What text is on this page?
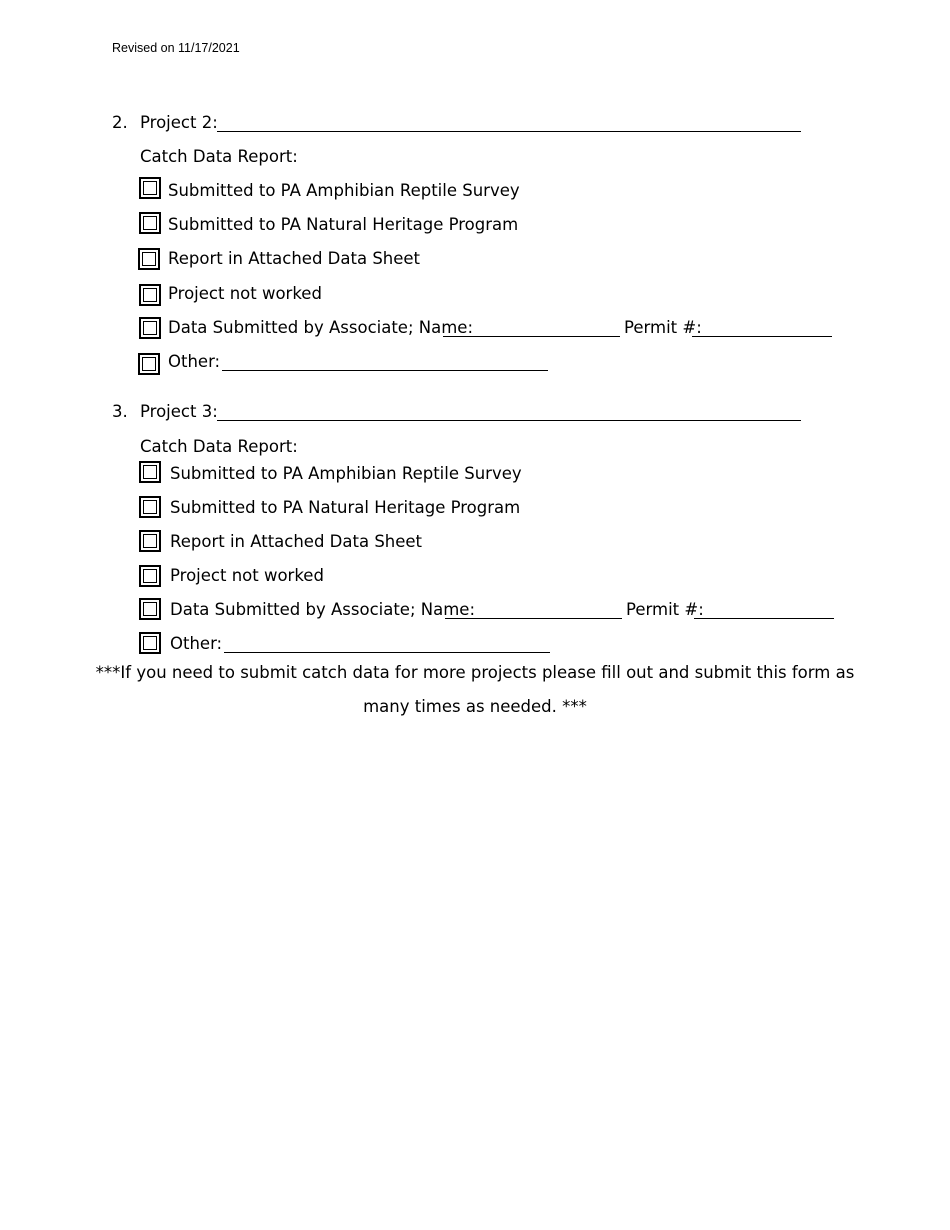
Revised on 11/17/2021
2. Project 2:
Catch Data Report:
Submitted to PA Amphibian Reptile Survey
Submitted to PA Natural Heritage Program
Report in Attached Data Sheet
Project not worked
Data Submitted by Associate; Name:	Permit #:
Other:
3. Project 3:
Catch Data Report:
Submitted to PA Amphibian Reptile Survey
Submitted to PA Natural Heritage Program
Report in Attached Data Sheet
Project not worked
Data Submitted by Associate; Name:	Permit #:
Other:
***If you need to submit catch data for more projects please fill out and submit this form as
many times as needed. ***
